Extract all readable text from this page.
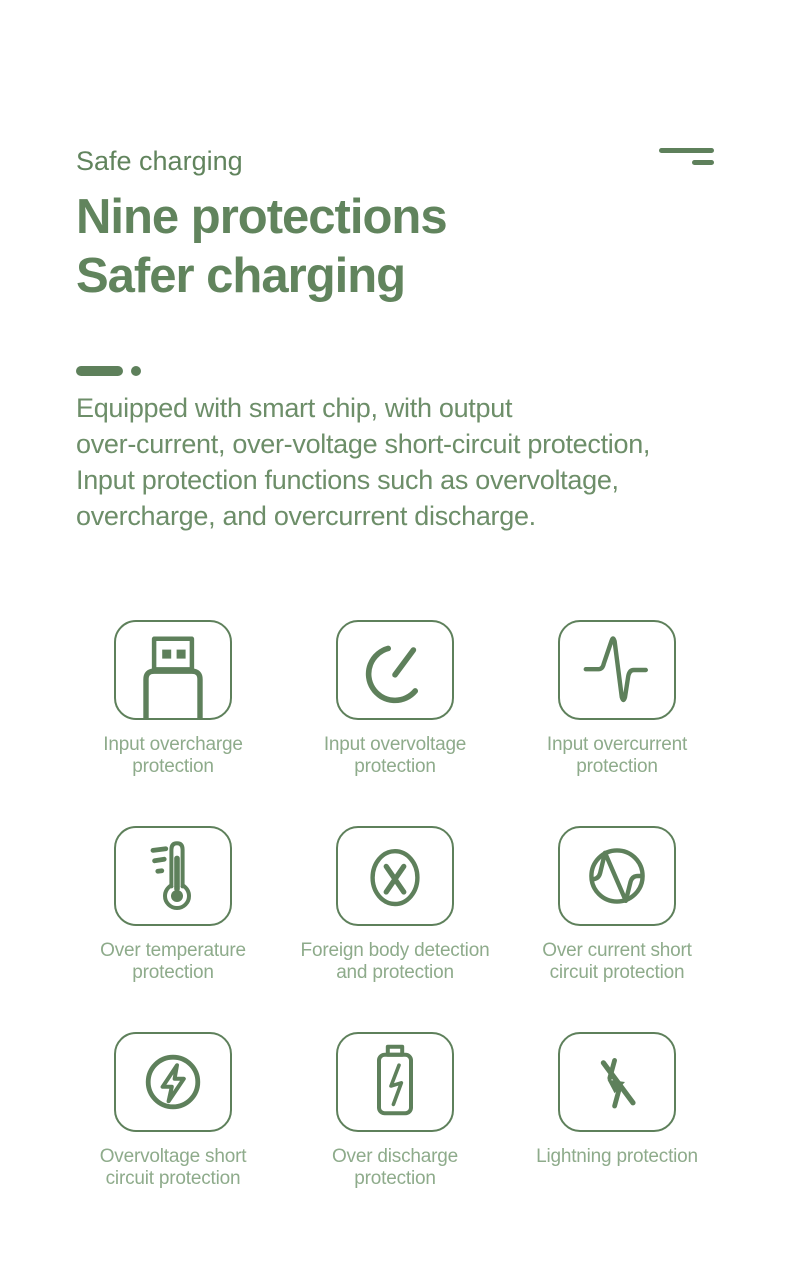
Safe charging

Nine protections
Safer charging
Equipped with smart chip, with output
over-current, over-voltage short-circuit protection,
Input protection functions such as overvoltage,
overcharge, and overcurrent discharge.
Input overcharge
protection
Input overvoltage
protection
Input overcurrent
protection
Over temperature
protection
Foreign body detection
and protection
Over current short
circuit protection
Overvoltage short
circuit protection
Over discharge
protection
Lightning protection
